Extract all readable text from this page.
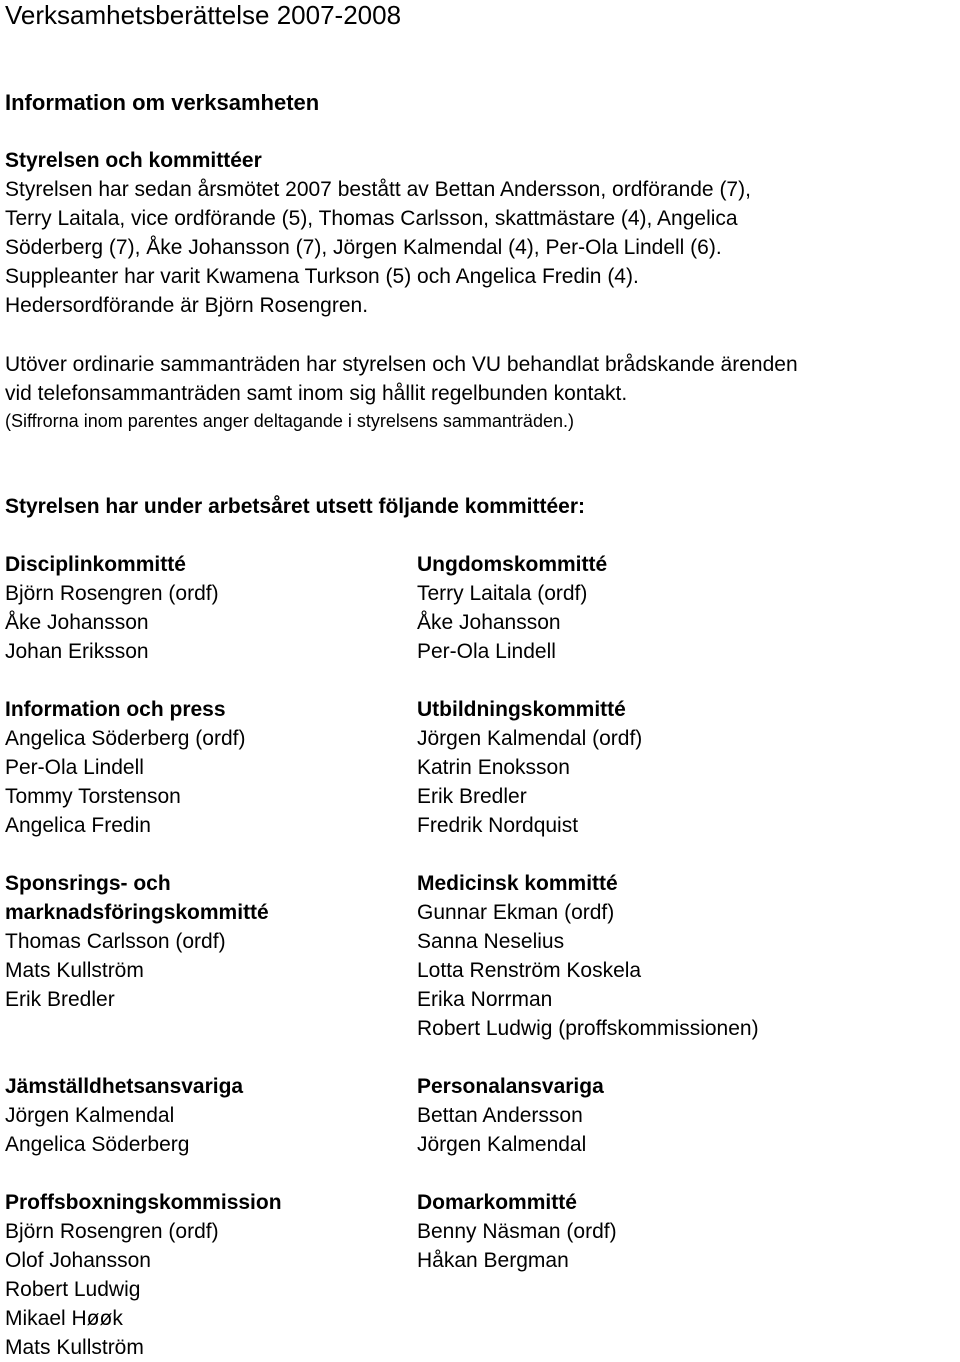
Verksamhetsberättelse 2007-2008
Information om verksamheten
Styrelsen och kommittéer
Styrelsen har sedan årsmötet 2007 bestått av Bettan Andersson, ordförande (7),
Terry Laitala, vice ordförande (5), Thomas Carlsson, skattmästare (4), Angelica
Söderberg (7), Åke Johansson (7), Jörgen Kalmendal (4), Per-Ola Lindell (6).
Suppleanter har varit Kwamena Turkson (5) och Angelica Fredin (4).
Hedersordförande är Björn Rosengren.
Utöver ordinarie sammanträden har styrelsen och VU behandlat brådskande ärenden
vid telefonsammanträden samt inom sig hållit regelbunden kontakt.
(Siffrorna inom parentes anger deltagande i styrelsens sammanträden.)
Styrelsen har under arbetsåret utsett följande kommittéer:
Disciplinkommitté
Björn Rosengren (ordf)
Åke Johansson
Johan Eriksson
Information och press
Angelica Söderberg (ordf)
Per-Ola Lindell
Tommy Torstenson
Angelica Fredin
Sponsrings- och
marknadsföringskommitté
Thomas Carlsson (ordf)
Mats Kullström
Erik Bredler
Jämställdhetsansvariga
Jörgen Kalmendal
Angelica Söderberg
Proffsboxningskommission
Björn Rosengren (ordf)
Olof Johansson
Robert Ludwig
Mikael Høøk
Mats Kullström
Ungdomskommitté
Terry Laitala (ordf)
Åke Johansson
Per-Ola Lindell
Utbildningskommitté
Jörgen Kalmendal (ordf)
Katrin Enoksson
Erik Bredler
Fredrik Nordquist
Medicinsk kommitté
Gunnar Ekman (ordf)
Sanna Neselius
Lotta Renström Koskela
Erika Norrman
Robert Ludwig (proffskommissionen)
Personalansvariga
Bettan Andersson
Jörgen Kalmendal
Domarkommitté
Benny Näsman (ordf)
Håkan Bergman
